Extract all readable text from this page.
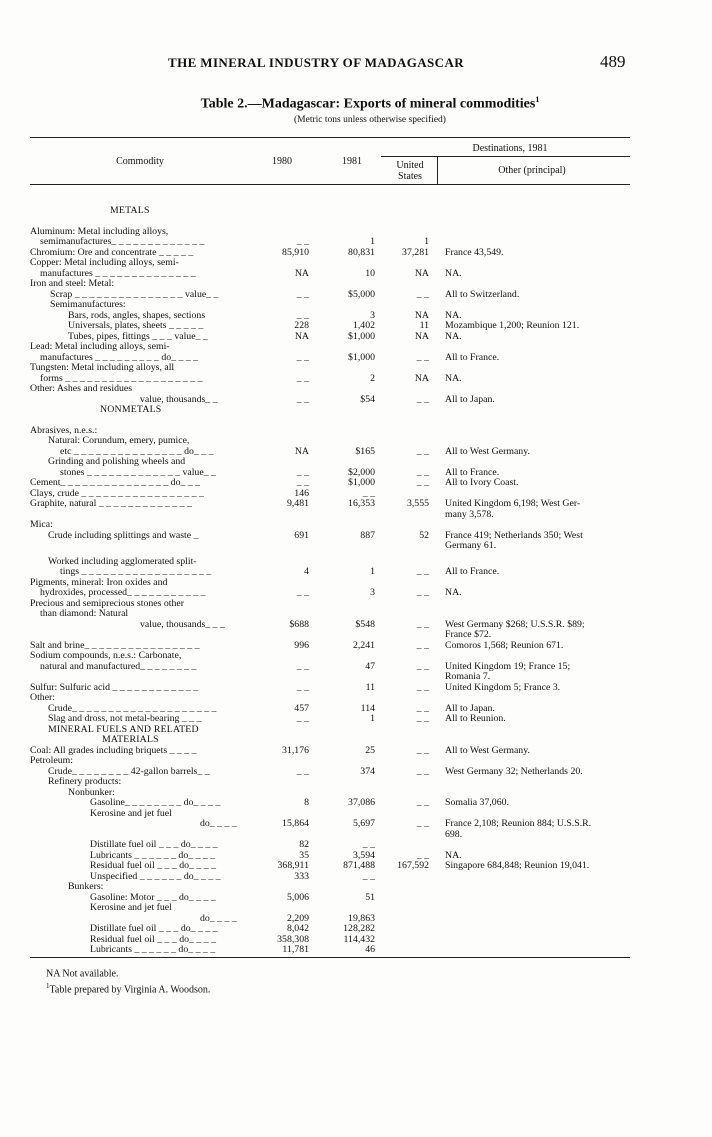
THE MINERAL INDUSTRY OF MADAGASCAR	489
Table 2.—Madagascar: Exports of mineral commodities$^1$
(Metric tons unless otherwise specified)
Commodity	1980	1981
Destinations, 1981
United States
Other (principal)
METALS
Aluminum: Metal including alloys,
semimanufactures_ _ _ _ _ _ _ _ _ _ _ _ _	_ _	1	1
Chromium: Ore and concentrate _ _ _ _ _	85,910	80,831	37,281 France 43,549.
Copper: Metal including alloys, semi-
manufactures _ _ _ _ _ _ _ _ _ _ _ _ _ _	NA	10	NA NA.
Iron and steel: Metal:
Scrap _ _ _ _ _ _ _ _ _ _ _ _ _ _ _ value_ _	_ _	$5,000	_ _ All to Switzerland.
Semimanufactures:
Bars, rods, angles, shapes, sections	_ _	3	NA NA.
Universals, plates, sheets _ _ _ _ _	228	1,402	11 Mozambique 1,200; Reunion 121.
Tubes, pipes, fittings _ _ _ value_ _	NA	$1,000	NA NA.
Lead: Metal including alloys, semi-
manufactures _ _ _ _ _ _ _ _ _ do_ _ _ _	_ _	$1,000	_ _ All to France.
Tungsten: Metal including alloys, all
forms _ _ _ _ _ _ _ _ _ _ _ _ _ _ _ _ _ _ _	_ _	2	NA NA.
Other: Ashes and residues
value, thousands_ _	_ _	$54	_ _ All to Japan.
NONMETALS
Abrasives, n.e.s.:
Natural: Corundum, emery, pumice,
etc _ _ _ _ _ _ _ _ _ _ _ _ _ _ _ do_ _ _	NA	$165	_ _ All to West Germany.
Grinding and polishing wheels and
stones _ _ _ _ _ _ _ _ _ _ _ _ _ value_ _	_ _	$2,000	_ _ All to France.
Cement_ _ _ _ _ _ _ _ _ _ _ _ _ _ _ do_ _ _	_ _	$1,000	_ _ All to Ivory Coast.
Clays, crude _ _ _ _ _ _ _ _ _ _ _ _ _ _ _ _ _	146	_ _
Graphite, natural _ _ _ _ _ _ _ _ _ _ _ _ _	9,481	16,353	3,555 United Kingdom 6,198; West Ger-
many 3,578.
Mica:
Crude including splittings and waste _	691	887	52 France 419; Netherlands 350; West
Germany 61.
Worked including agglomerated split-
tings _ _ _ _ _ _ _ _ _ _ _ _ _ _ _ _ _ _	4	1	_ _ All to France.
Pigments, mineral: Iron oxides and
hydroxides, processed_ _ _ _ _ _ _ _ _ _ _	_ _	3	_ _ NA.
Precious and semiprecious stones other
than diamond: Natural
value, thousands_ _ _	$688	$548	_ _ West Germany $268; U.S.S.R. $89;
France $72.
Salt and brine_ _ _ _ _ _ _ _ _ _ _ _ _ _ _ _	996	2,241	_ _ Comoros 1,568; Reunion 671.
Sodium compounds, n.e.s.: Carbonate,
natural and manufactured_ _ _ _ _ _ _ _	_ _	47	_ _ United Kingdom 19; France 15;
Romania 7.
Sulfur: Sulfuric acid _ _ _ _ _ _ _ _ _ _ _ _	_ _	11	_ _ United Kingdom 5; France 3.
Other:
Crude_ _ _ _ _ _ _ _ _ _ _ _ _ _ _ _ _ _ _ _	457	114	_ _ All to Japan.
Slag and dross, not metal-bearing _ _ _	_ _	1	_ _ All to Reunion.
MINERAL FUELS AND RELATED
MATERIALS
Coal: All grades including briquets _ _ _ _	31,176	25	_ _ All to West Germany.
Petroleum:
Crude_ _ _ _ _ _ _ _ 42-gallon barrels_ _	_ _	374	_ _ West Germany 32; Netherlands 20.
Refinery products:
Nonbunker:
Gasoline_ _ _ _ _ _ _ _ do_ _ _ _	8	37,086	_ _ Somalia 37,060.
Kerosine and jet fuel
do_ _ _ _	15,864	5,697	_ _ France 2,108; Reunion 884; U.S.S.R.
698.
Distillate fuel oil _ _ _ do_ _ _ _	82	_ _
Lubricants _ _ _ _ _ _ do_ _ _ _	35	3,594	_ _ NA.
Residual fuel oil _ _ _ do_ _ _ _	368,911	871,488	167,592 Singapore 684,848; Reunion 19,041.
Unspecified _ _ _ _ _ _ do_ _ _ _	333	_ _
Bunkers:
Gasoline: Motor _ _ _ do_ _ _ _	5,006	51
Kerosine and jet fuel
do_ _ _ _	2,209	19,863
Distillate fuel oil _ _ _ do_ _ _ _	8,042	128,282
Residual fuel oil _ _ _ do_ _ _ _	358,308	114,432
Lubricants _ _ _ _ _ _ do_ _ _ _	11,781	46
NA Not available.
$^1$Table prepared by Virginia A. Woodson.
